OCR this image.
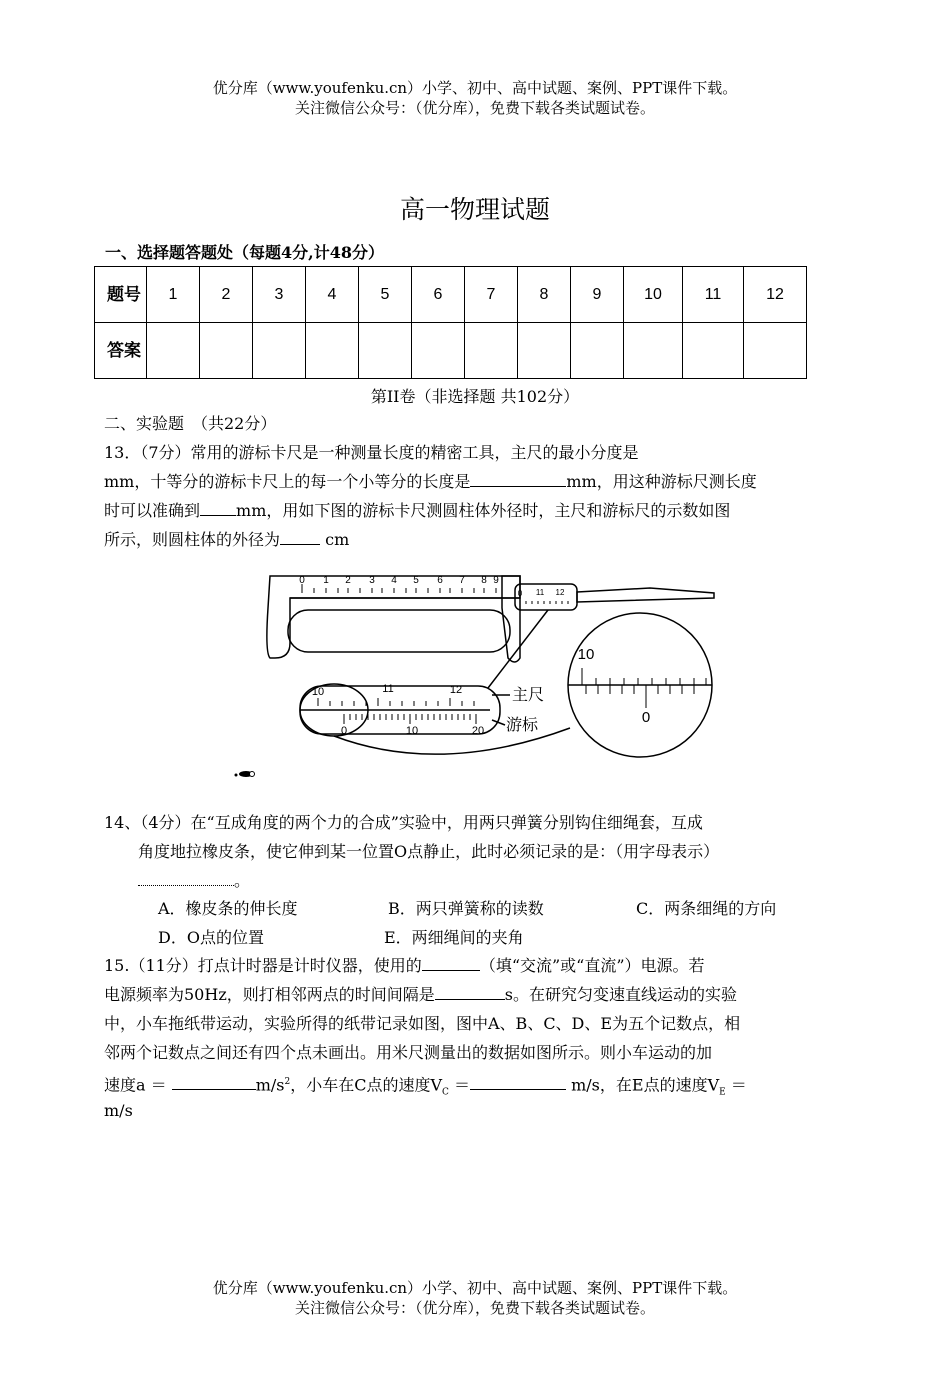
优分库（www.youfenku.cn）小学、初中、高中试题、案例、PPT课件下载。
关注微信公众号：（优分库），免费下载各类试题试卷。
高一物理试题
一、选择题答题处（每题4分,计48分）
题号	1	2	3	4	5	6	7	8	9	10	11	12
答案												
第II卷（非选择题 共102分）
二、实验题　（共22分）
13．（7分）常用的游标卡尺是一种测量长度的精密工具，主尺的最小分度是
mm，十等分的游标卡尺上的每一个小等分的长度是	mm，用这种游标尺测长度
时可以准确到 mm，用如下图的游标卡尺测圆柱体外径时，主尺和游标尺的示数如图
所示，则圆柱体的外径为	cm
0 1 2 3 4 5 6 7 8 9
0 11 12
10	11	12
0	10	20
10
0
主尺
游标
14、（4分）在“互成角度的两个力的合成”实验中，用两只弹簧分别钩住细绳套，互成
角度地拉橡皮条，使它伸到某一位置O点静止，此时必须记录的是：（用字母表示）
。
A．橡皮条的伸长度	B．两只弹簧称的读数	C．两条细绳的方向
D．O点的位置	E．两细绳间的夹角
15.（11分）打点计时器是计时仪器，使用的	（填“交流”或“直流”）电源。若
电源频率为50Hz，则打相邻两点的时间间隔是	s。在研究匀变速直线运动的实验
中，小车拖纸带运动，实验所得的纸带记录如图，图中A、B、C、D、E为五个记数点，相
邻两个记数点之间还有四个点未画出。用米尺测量出的数据如图所示。则小车运动的加
速度a ＝	$m/s^2$，小车在C点的速度$V_C$ ＝	m/s，在E点的速度$V_E$ ＝
m/s
优分库（www.youfenku.cn）小学、初中、高中试题、案例、PPT课件下载。
关注微信公众号：（优分库），免费下载各类试题试卷。
